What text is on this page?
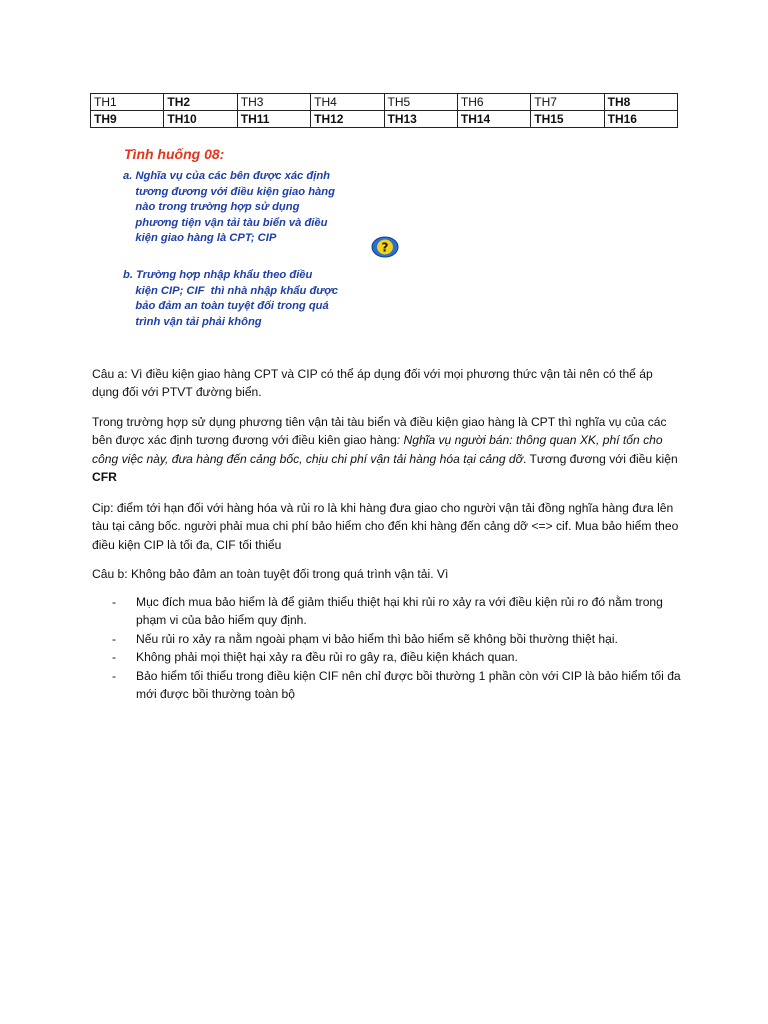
TH1	TH2	TH3	TH4	TH5	TH6	TH7	TH8
TH9	TH10	TH11	TH12	TH13	TH14	TH15	TH16
Tình huống 08:
a. Nghĩa vụ của các bên được xác định
tương đương với điều kiện giao hàng
nào trong trường hợp sử dụng
phương tiện vận tải tàu biển và điều
kiện giao hàng là CPT; CIP
b. Trường hợp nhập khẩu theo điều
kiện CIP; CIF  thì nhà nhập khẩu được
bảo đảm an toàn tuyệt đối trong quá
trình vận tải phải không
?
Câu a: Vì điều kiện giao hàng CPT và CIP có thể áp dụng đối với mọi phương thức vận tải nên có thể áp dụng đối với PTVT đường biển.
Trong trường hợp sử dụng phương tiên vận tải tàu biển và điều kiện giao hàng là CPT thì nghĩa vụ của các bên được xác định tương đương với điều kiên giao hàng: Nghĩa vụ người bán: thông quan XK, phí tổn cho công việc này, đưa hàng đến cảng bốc, chịu chi phí vận tải hàng hóa tại cảng dỡ. Tương đương với điều kiện CFR
Cip: điểm tới hạn đối với hàng hóa và rủi ro là khi hàng đưa giao cho người vận tải đồng nghĩa hàng đưa lên tàu tại cảng bốc. người phải mua chi phí bảo hiểm cho đến khi hàng đến cảng dỡ <=> cif. Mua bảo hiểm theo điều kiện CIP là tối đa, CIF tối thiểu
Câu b: Không bảo đảm an toàn tuyệt đối trong quá trình vận tải. Vì
- Mục đích mua bảo hiểm là để giảm thiểu thiệt hại khi rủi ro xảy ra với điều kiện rủi ro đó nằm trong phạm vi của bảo hiểm quy định.
- Nếu rủi ro xảy ra nằm ngoài phạm vi bảo hiểm thì bảo hiểm sẽ không bồi thường thiệt hại.
- Không phải mọi thiệt hại xảy ra đều rủi ro gây ra, điều kiện khách quan.
- Bảo hiểm tối thiểu trong điều kiện CIF nên chỉ được bồi thường 1 phần còn với CIP là bảo hiểm tối đa mới được bồi thường toàn bộ
